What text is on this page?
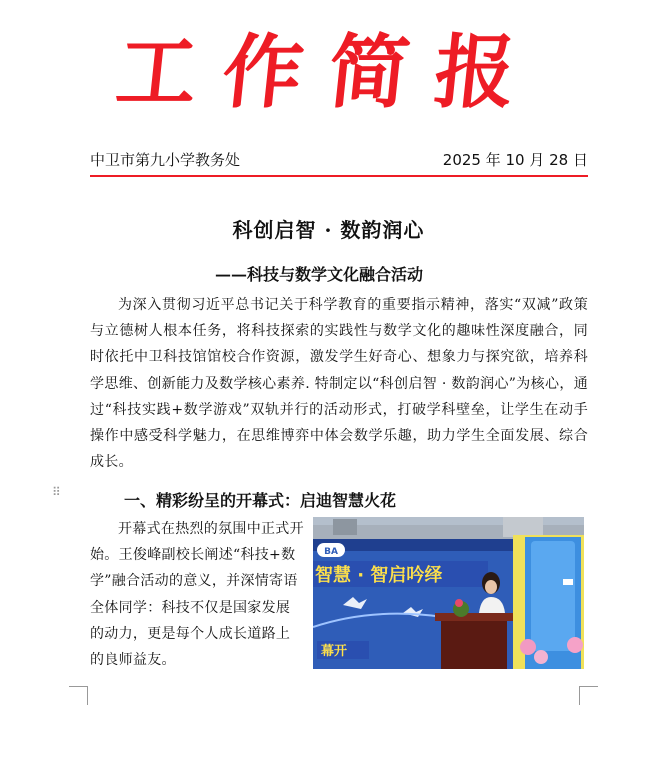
工作简报
中卫市第九小学教务处	2025 年 10 月 28 日
科创启智 · 数韵润心
——科技与数学文化融合活动

为深入贯彻习近平总书记关于科学教育的重要指示精神，落实“双减”政策与立德树人根本任务，将科技探索的实践性与数学文化的趣味性深度融合，同时依托中卫科技馆馆校合作资源，激发学生好奇心、想象力与探究欲，培养科学思维、创新能力及数学核心素养. 特制定以“科创启智 · 数韵润心”为核心，通过“科技实践+数学游戏”双轨并行的活动形式，打破学科壁垒，让学生在动手操作中感受科学魅力，在思维博弈中体会数学乐趣，助力学生全面发展、综合成长。

⠿	一、精彩纷呈的开幕式：启迪智慧火花

开幕式在热烈的氛围中正式开始。王俊峰副校长阐述“科技+数学”融合活动的意义，并深情寄语全体同学：科技不仅是国家发展的动力，更是每个人成长道路上的良师益友。

BA
智慧 · 智启吟绎
幕开
